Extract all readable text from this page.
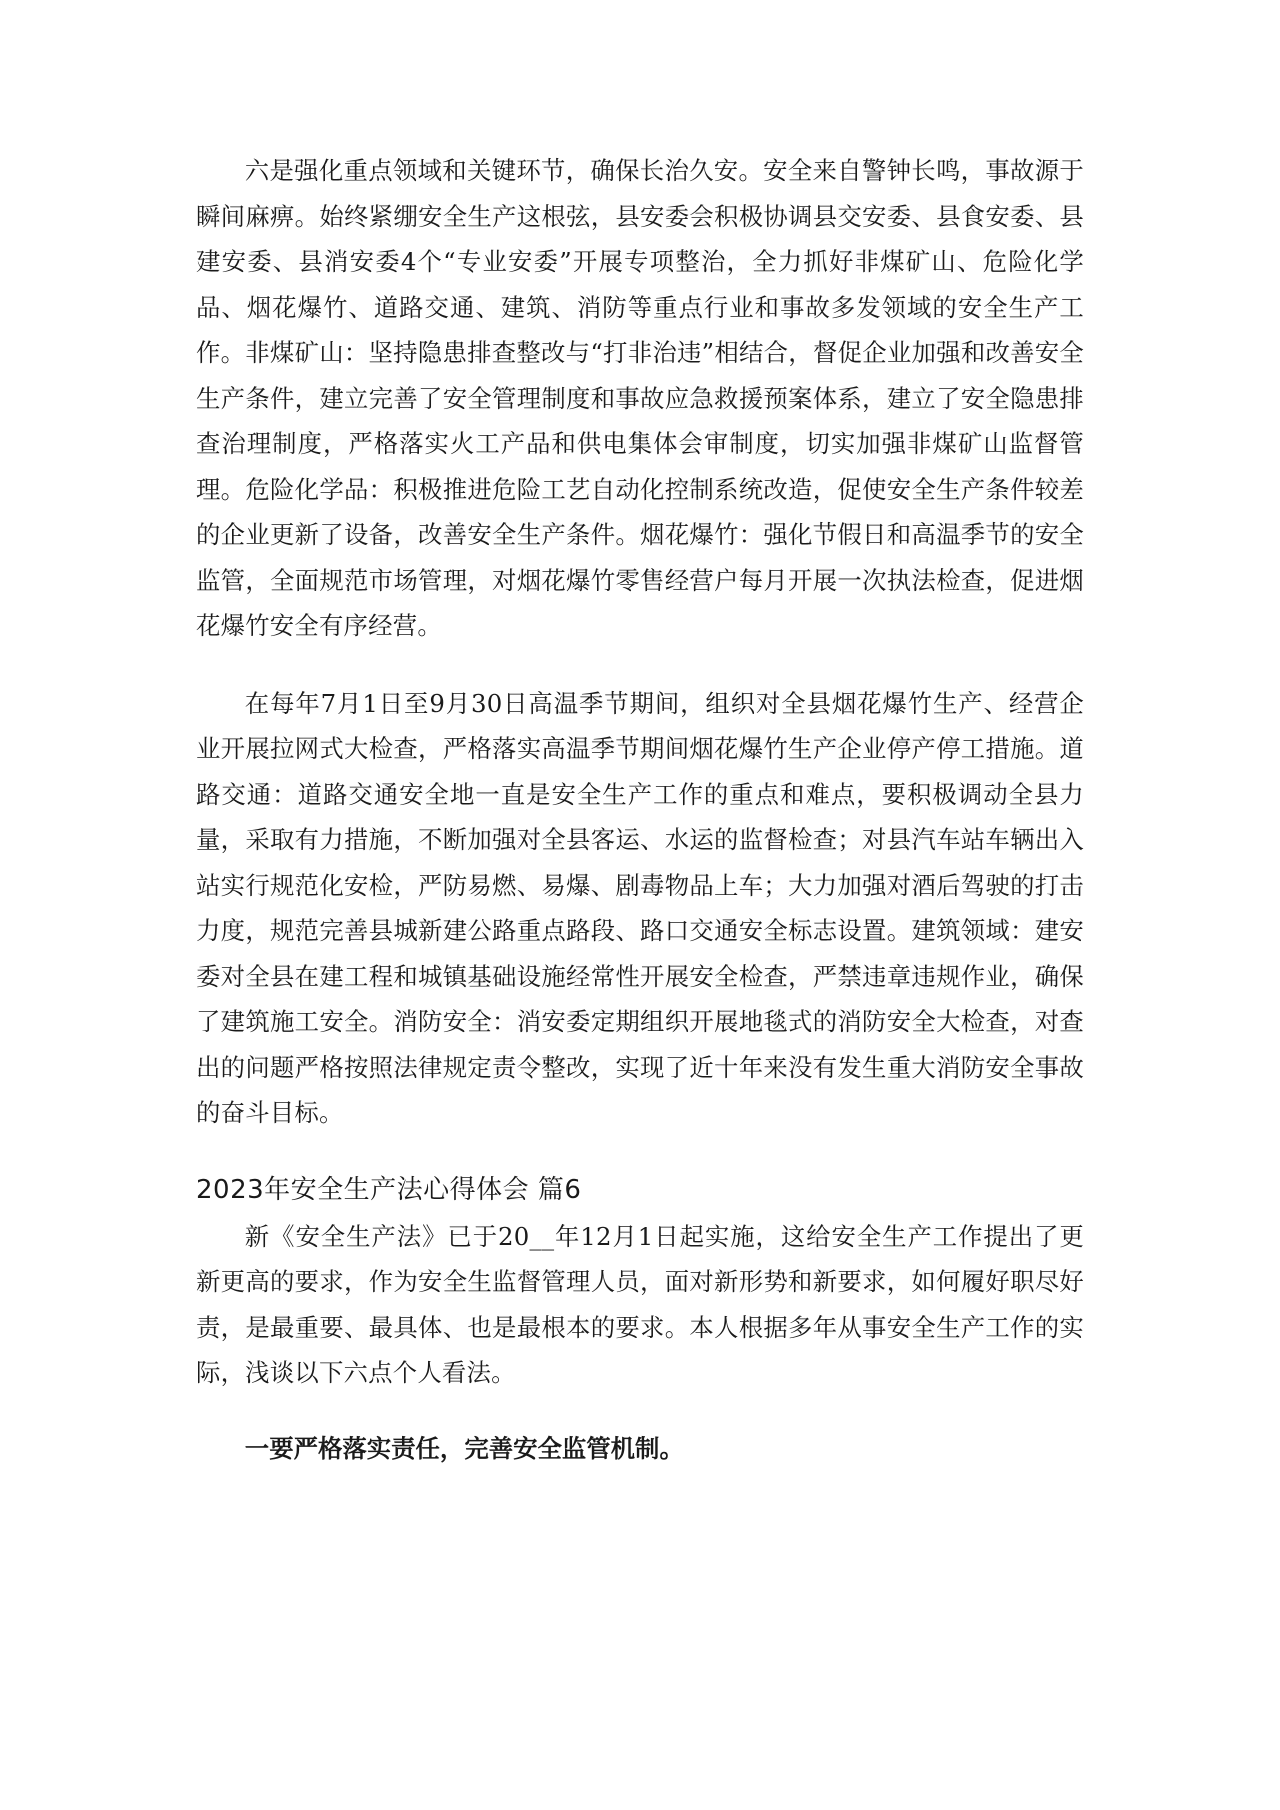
六是强化重点领域和关键环节，确保长治久安。安全来自警钟长鸣，事故源于瞬间麻痹。始终紧绷安全生产这根弦，县安委会积极协调县交安委、县食安委、县建安委、县消安委4个“专业安委”开展专项整治，全力抓好非煤矿山、危险化学品、烟花爆竹、道路交通、建筑、消防等重点行业和事故多发领域的安全生产工作。非煤矿山：坚持隐患排查整改与“打非治违”相结合，督促企业加强和改善安全生产条件，建立完善了安全管理制度和事故应急救援预案体系，建立了安全隐患排查治理制度，严格落实火工产品和供电集体会审制度，切实加强非煤矿山监督管理。危险化学品：积极推进危险工艺自动化控制系统改造，促使安全生产条件较差的企业更新了设备，改善安全生产条件。烟花爆竹：强化节假日和高温季节的安全监管，全面规范市场管理，对烟花爆竹零售经营户每月开展一次执法检查，促进烟花爆竹安全有序经营。

在每年7月1日至9月30日高温季节期间，组织对全县烟花爆竹生产、经营企业开展拉网式大检查，严格落实高温季节期间烟花爆竹生产企业停产停工措施。道路交通：道路交通安全地一直是安全生产工作的重点和难点，要积极调动全县力量，采取有力措施，不断加强对全县客运、水运的监督检查；对县汽车站车辆出入站实行规范化安检，严防易燃、易爆、剧毒物品上车；大力加强对酒后驾驶的打击力度，规范完善县城新建公路重点路段、路口交通安全标志设置。建筑领域：建安委对全县在建工程和城镇基础设施经常性开展安全检查，严禁违章违规作业，确保了建筑施工安全。消防安全：消安委定期组织开展地毯式的消防安全大检查，对查出的问题严格按照法律规定责令整改，实现了近十年来没有发生重大消防安全事故的奋斗目标。

2023年安全生产法心得体会 篇6

新《安全生产法》已于20__年12月1日起实施，这给安全生产工作提出了更新更高的要求，作为安全生监督管理人员，面对新形势和新要求，如何履好职尽好责，是最重要、最具体、也是最根本的要求。本人根据多年从事安全生产工作的实际，浅谈以下六点个人看法。

一要严格落实责任，完善安全监管机制。
